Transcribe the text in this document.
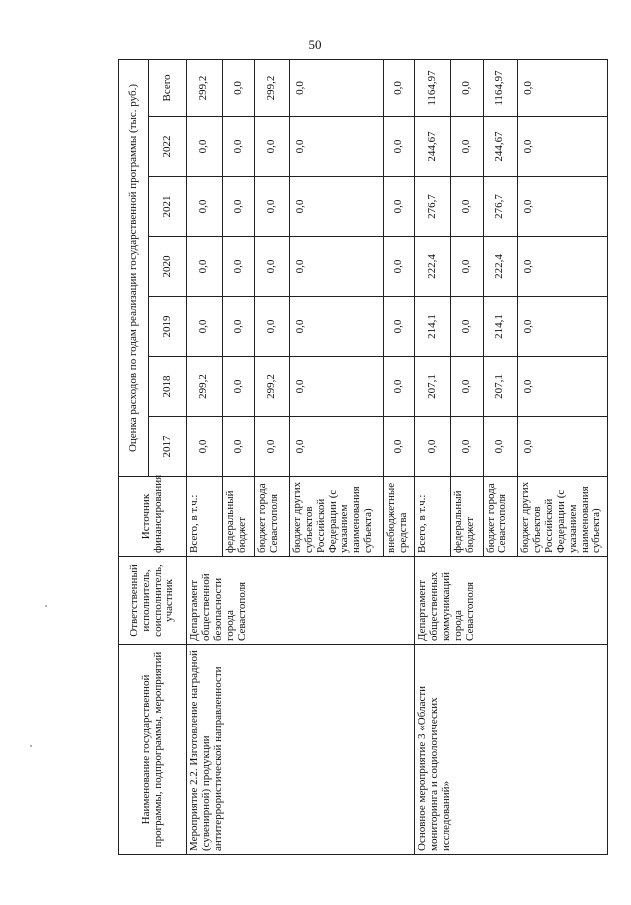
50
Наименование государственной программы, подпрограммы, мероприятий	Ответственный исполнитель, соисполнитель, участник	Источник финансирования	Оценка расходов по годам реализации государственной программы (тыс. руб.)						
			2017	2018	2019	2020	2021	2022	Всего
Мероприятие 2.2. Изготовление наградной (сувенирной) продукции антитеррористической направленности	Департамент общественной безопасности города Севастополя	Всего, в т.ч.:	0,0	299,2	0,0	0,0	0,0	0,0	299,2
		федеральный бюджет	0,0	0,0	0,0	0,0	0,0	0,0	0,0
		бюджет города Севастополя	0,0	299,2	0,0	0,0	0,0	0,0	299,2
		бюджет других субъектов Российской Федерации (с указанием наименования субъекта)	0,0	0,0	0,0	0,0	0,0	0,0	0,0
		внебюджетные средства	0,0	0,0	0,0	0,0	0,0	0,0	0,0
Основное мероприятие 3 «Области мониторинга и социологических исследований»	Департамент общественных коммуникаций города Севастополя	Всего, в т.ч.:	0,0	207,1	214,1	222,4	276,7	244,67	1164,97
		федеральный бюджет	0,0	0,0	0,0	0,0	0,0	0,0	0,0
		бюджет города Севастополя	0,0	207,1	214,1	222,4	276,7	244,67	1164,97
		бюджет других субъектов Российской Федерации (с указанием наименования субъекта)	0,0	0,0	0,0	0,0	0,0	0,0	0,0
